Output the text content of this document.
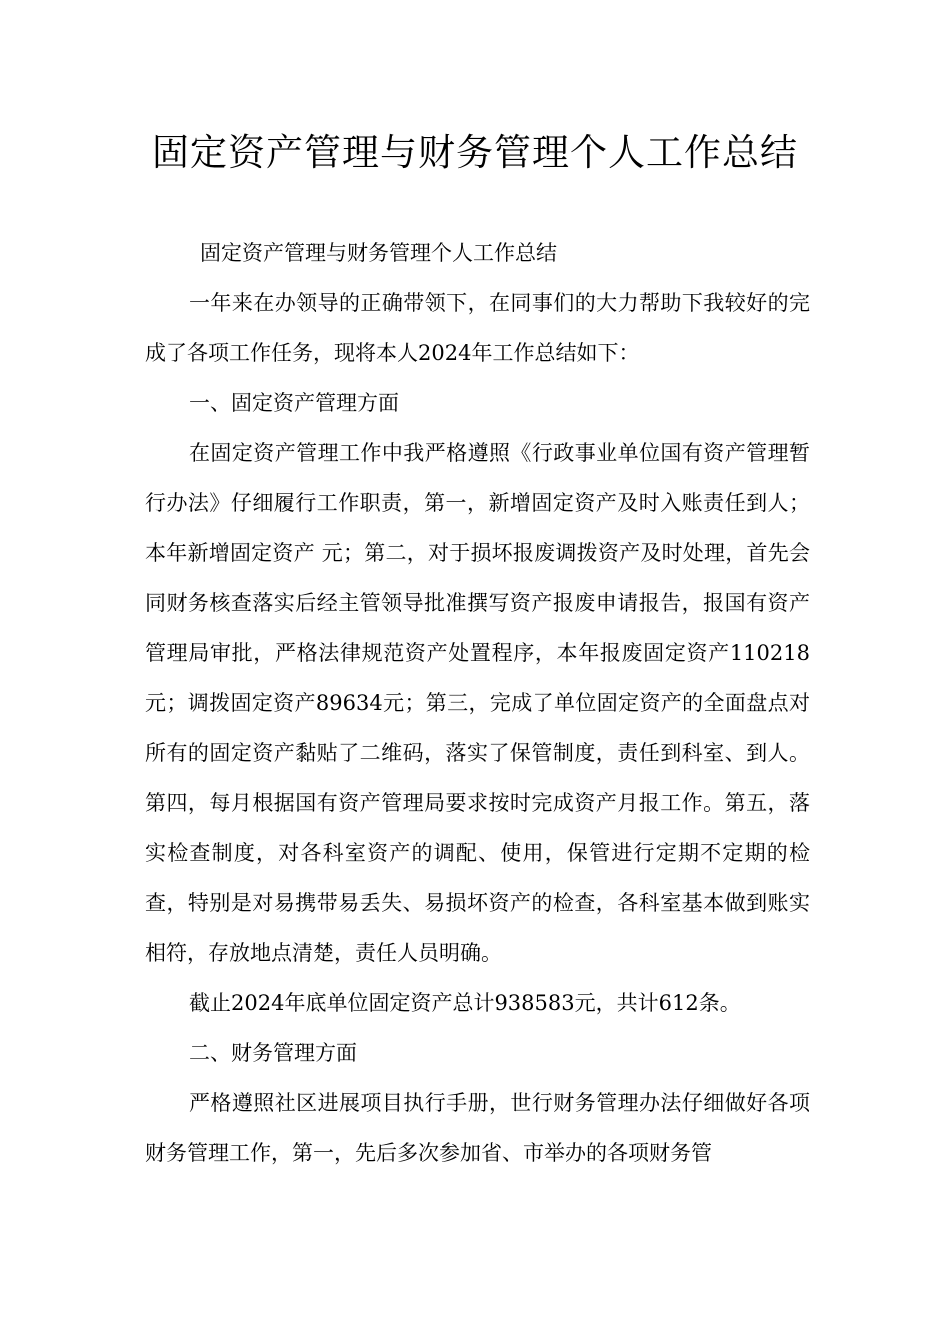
固定资产管理与财务管理个人工作总结

固定资产管理与财务管理个人工作总结

一年来在办领导的正确带领下，在同事们的大力帮助下我较好的完成了各项工作任务，现将本人2024年工作总结如下：

一、固定资产管理方面

在固定资产管理工作中我严格遵照《行政事业单位国有资产管理暂行办法》仔细履行工作职责，第一，新增固定资产及时入账责任到人；本年新增固定资产 元；第二，对于损坏报废调拨资产及时处理，首先会同财务核查落实后经主管领导批准撰写资产报废申请报告，报国有资产管理局审批，严格法律规范资产处置程序，本年报废固定资产110218元；调拨固定资产89634元；第三，完成了单位固定资产的全面盘点对所有的固定资产黏贴了二维码，落实了保管制度，责任到科室、到人。第四，每月根据国有资产管理局要求按时完成资产月报工作。第五，落实检查制度，对各科室资产的调配、使用，保管进行定期不定期的检查，特别是对易携带易丢失、易损坏资产的检查，各科室基本做到账实相符，存放地点清楚，责任人员明确。

截止2024年底单位固定资产总计938583元，共计612条。

二、财务管理方面

严格遵照社区进展项目执行手册，世行财务管理办法仔细做好各项财务管理工作，第一，先后多次参加省、市举办的各项财务管
